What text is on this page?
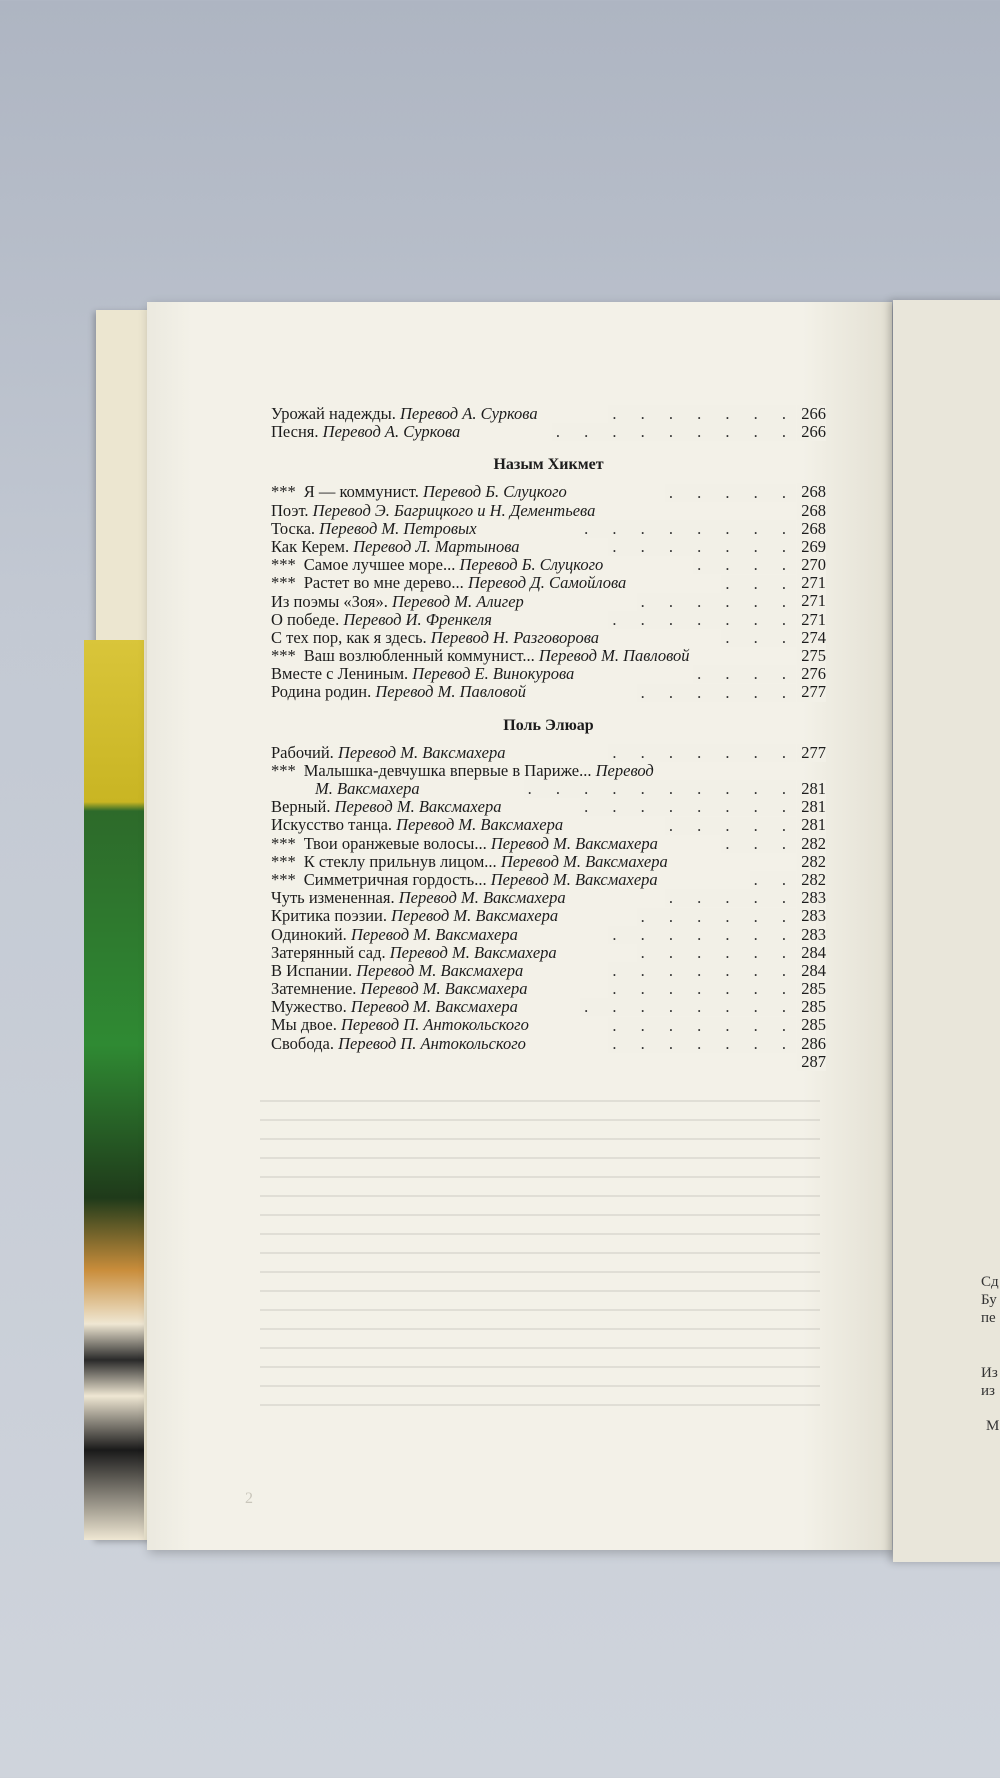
Сд
Бу
пе
Из
из
М
2
Урожай надежды. Перевод А. Суркова	. . . . . . . 266
Песня. Перевод А. Суркова	. . . . . . . . . 266
Назым Хикмет
*** Я — коммунист. Перевод Б. Слуцкого	. . . . . 268
Поэт. Перевод Э. Багрицкого и Н. Дементьева	268
Тоска. Перевод М. Петровых	. . . . . . . . 268
Как Керем. Перевод Л. Мартынова	. . . . . . . 269
*** Самое лучшее море... Перевод Б. Слуцкого	. . . . 270
*** Растет во мне дерево... Перевод Д. Самойлова	. . . 271
Из поэмы «Зоя». Перевод М. Алигер	. . . . . . 271
О победе. Перевод И. Френкеля	. . . . . . . 271
С тех пор, как я здесь. Перевод Н. Разговорова	. . . 274
*** Ваш возлюбленный коммунист... Перевод М. Павловой	275
Вместе с Лениным. Перевод Е. Винокурова	. . . . 276
Родина родин. Перевод М. Павловой	. . . . . . 277
Поль Элюар
Рабочий. Перевод М. Вакcмахера	. . . . . . . 277
*** Малышка-девчушка впервые в Париже... Перевод
М. Ваксмахера	. . . . . . . . . . 281
Верный. Перевод М. Ваксмахера	. . . . . . . . 281
Искусство танца. Перевод М. Ваксмахера	. . . . . 281
*** Твои оранжевые волосы... Перевод М. Ваксмахера	. . . 282
*** К стеклу прильнув лицом... Перевод М. Ваксмахера	282
*** Симметричная гордость... Перевод М. Ваксмахера	. . 282
Чуть измененная. Перевод М. Ваксмахера	. . . . . 283
Критика поэзии. Перевод М. Ваксмахера	. . . . . . 283
Одинокий. Перевод М. Ваксмахера	. . . . . . . 283
Затерянный сад. Перевод М. Ваксмахера	. . . . . . 284
В Испании. Перевод М. Ваксмахера	. . . . . . . 284
Затемнение. Перевод М. Ваксмахера	. . . . . . . 285
Мужество. Перевод М. Ваксмахера	. . . . . . . . 285
Мы двое. Перевод П. Антокольского	. . . . . . . 285
Свобода. Перевод П. Антокольского	. . . . . . . 286
287
